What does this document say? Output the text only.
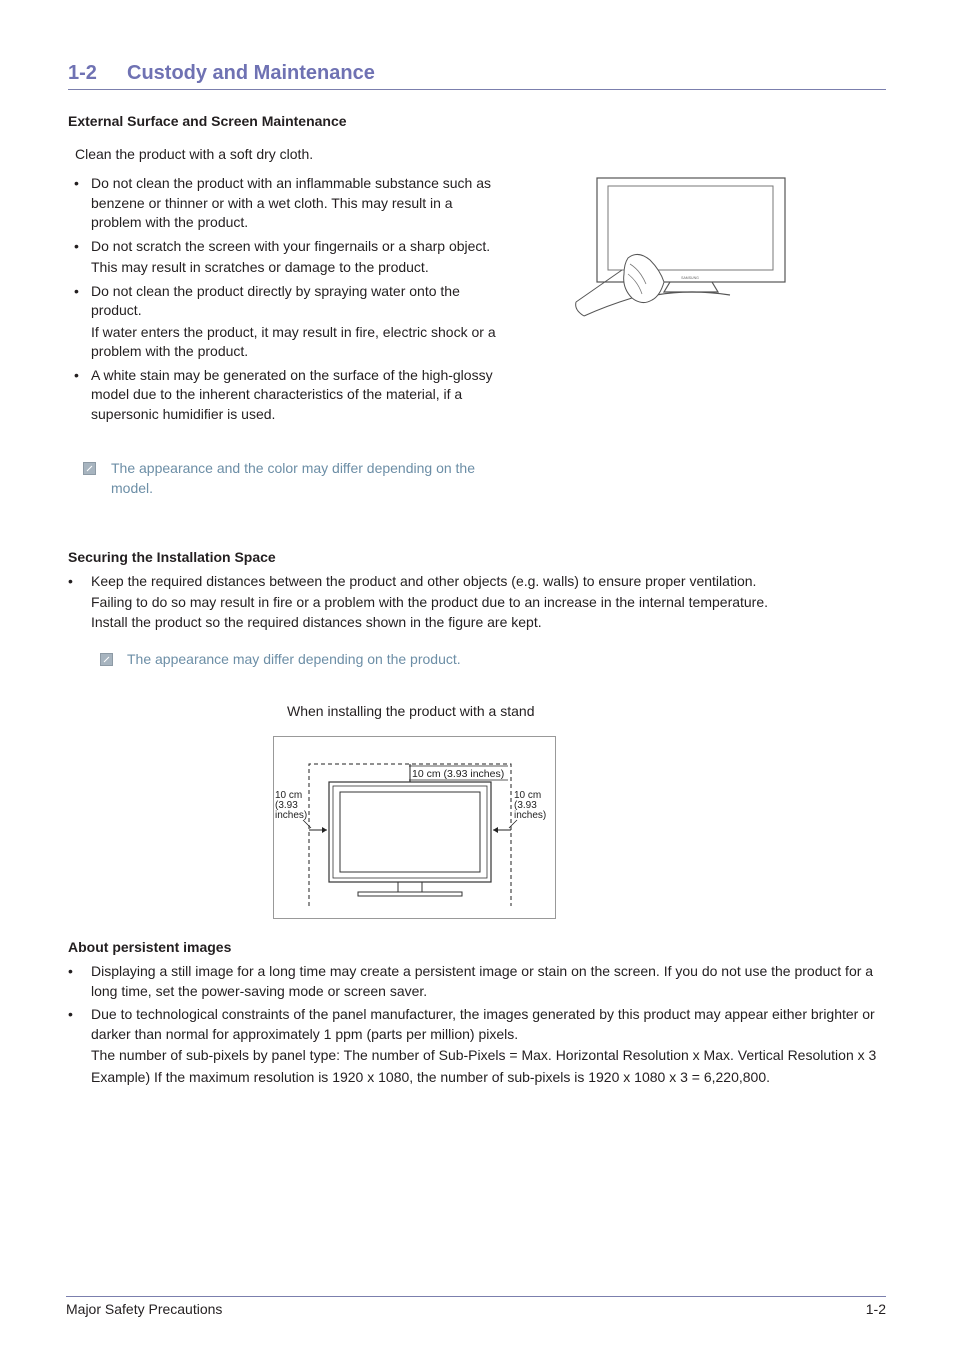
1-2 Custody and Maintenance
External Surface and Screen Maintenance

Clean the product with a soft dry cloth.

• Do not clean the product with an inflammable substance such as benzene or thinner or with a wet cloth. This may result in a problem with the product.
• Do not scratch the screen with your fingernails or a sharp object.
This may result in scratches or damage to the product.
• Do not clean the product directly by spraying water onto the product.
If water enters the product, it may result in fire, electric shock or a problem with the product.
• A white stain may be generated on the surface of the high-glossy model due to the inherent characteristics of the material, if a supersonic humidifier is used.

The appearance and the color may differ depending on the model.

SAMSUNG
Securing the Installation Space
• Keep the required distances between the product and other objects (e.g. walls) to ensure proper ventilation.

Failing to do so may result in fire or a problem with the product due to an increase in the internal temperature.

Install the product so the required distances shown in the figure are kept.

The appearance may differ depending on the product.

When installing the product with a stand

10 cm (3.93 inches)
10 cm
(3.93
inches)
10 cm
(3.93
inches)
About persistent images
• Displaying a still image for a long time may create a persistent image or stain on the screen. If you do not use the product for a long time, set the power-saving mode or screen saver.
• Due to technological constraints of the panel manufacturer, the images generated by this product may appear either brighter or darker than normal for approximately 1 ppm (parts per million) pixels.
The number of sub-pixels by panel type: The number of Sub-Pixels = Max. Horizontal Resolution x Max. Vertical Resolution x 3
Example) If the maximum resolution is 1920 x 1080, the number of sub-pixels is 1920 x 1080 x 3 = 6,220,800.
Major Safety Precautions	1-2
